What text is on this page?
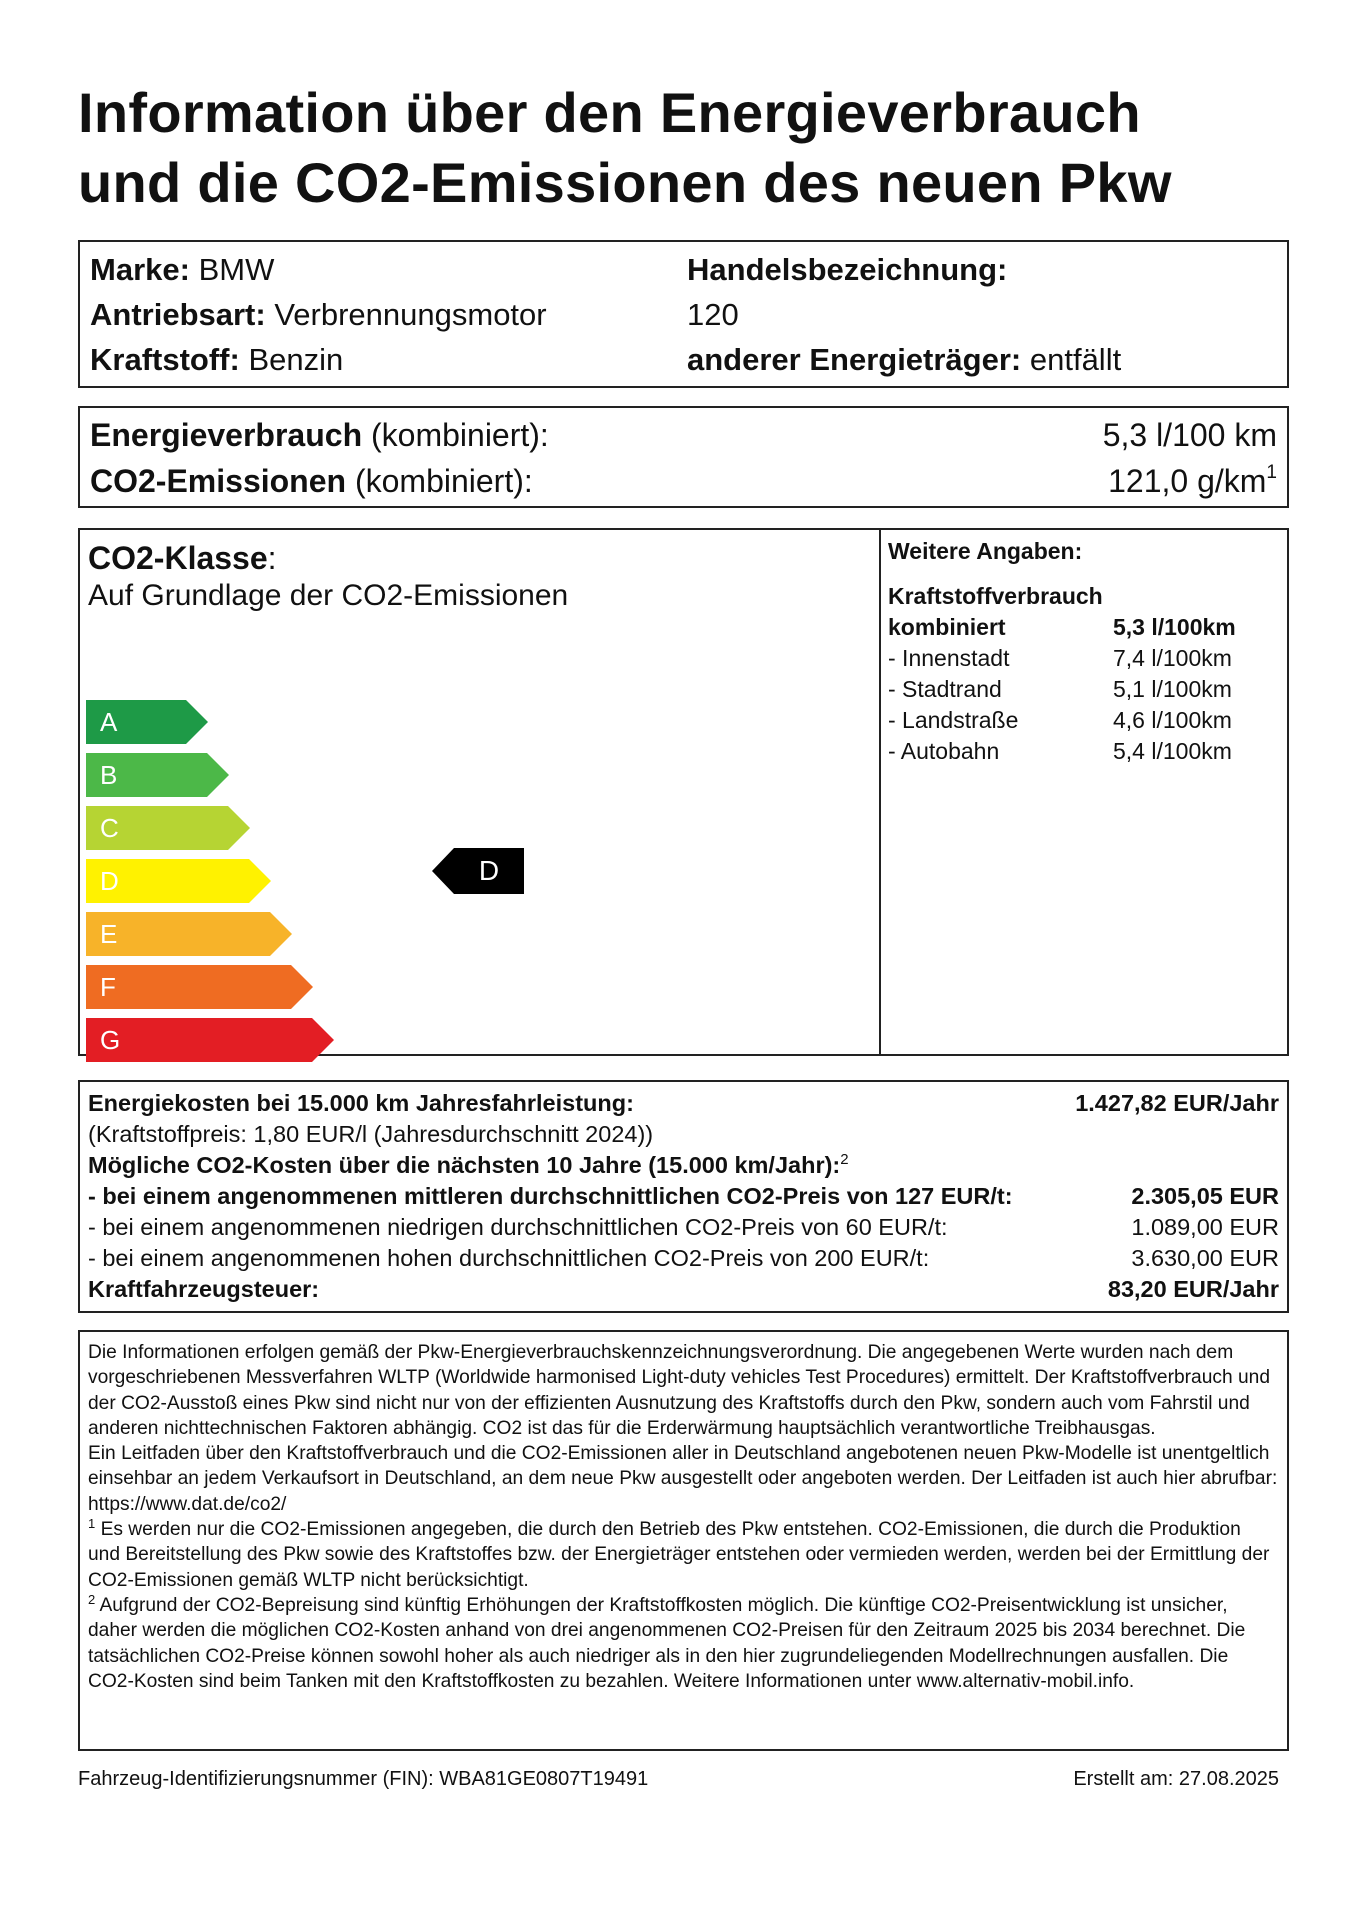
Information über den Energieverbrauch
und die CO2-Emissionen des neuen Pkw
Marke: BMW
Antriebsart: Verbrennungsmotor
Kraftstoff: Benzin
Handelsbezeichnung:
120
anderer Energieträger: entfällt
Energieverbrauch (kombiniert):	5,3 l/100 km
CO2-Emissionen (kombiniert):	121,0 g/km$^1$
CO2-Klasse:
Auf Grundlage der CO2-Emissionen
A
B
C
D
E
F
G
D
Weitere Angaben:
Kraftstoffverbrauch
kombiniert	5,3 l/100km
- Innenstadt	7,4 l/100km
- Stadtrand	5,1 l/100km
- Landstraße	4,6 l/100km
- Autobahn	5,4 l/100km
Energiekosten bei 15.000 km Jahresfahrleistung:	1.427,82 EUR/Jahr
(Kraftstoffpreis: 1,80 EUR/l (Jahresdurchschnitt 2024))
Mögliche CO2-Kosten über die nächsten 10 Jahre (15.000 km/Jahr):$^2$
- bei einem angenommenen mittleren durchschnittlichen CO2-Preis von 127 EUR/t:	2.305,05 EUR
- bei einem angenommenen niedrigen durchschnittlichen CO2-Preis von 60 EUR/t:	1.089,00 EUR
- bei einem angenommenen hohen durchschnittlichen CO2-Preis von 200 EUR/t:	3.630,00 EUR
Kraftfahrzeugsteuer:	83,20 EUR/Jahr

Die Informationen erfolgen gemäß der Pkw-Energieverbrauchskennzeichnungsverordnung. Die angegebenen Werte wurden nach dem vorgeschriebenen Messverfahren WLTP (Worldwide harmonised Light-duty vehicles Test Procedures) ermittelt. Der Kraftstoffverbrauch und der CO2-Ausstoß eines Pkw sind nicht nur von der effizienten Ausnutzung des Kraftstoffs durch den Pkw, sondern auch vom Fahrstil und anderen nichttechnischen Faktoren abhängig. CO2 ist das für die Erderwärmung hauptsächlich verantwortliche Treibhausgas.

Ein Leitfaden über den Kraftstoffverbrauch und die CO2-Emissionen aller in Deutschland angebotenen neuen Pkw-Modelle ist unentgeltlich einsehbar an jedem Verkaufsort in Deutschland, an dem neue Pkw ausgestellt oder angeboten werden. Der Leitfaden ist auch hier abrufbar: https://www.dat.de/co2/

$^1$ Es werden nur die CO2-Emissionen angegeben, die durch den Betrieb des Pkw entstehen. CO2-Emissionen, die durch die Produktion und Bereitstellung des Pkw sowie des Kraftstoffes bzw. der Energieträger entstehen oder vermieden werden, werden bei der Ermittlung der CO2-Emissionen gemäß WLTP nicht berücksichtigt.

$^2$ Aufgrund der CO2-Bepreisung sind künftig Erhöhungen der Kraftstoffkosten möglich. Die künftige CO2-Preisentwicklung ist unsicher, daher werden die möglichen CO2-Kosten anhand von drei angenommenen CO2-Preisen für den Zeitraum 2025 bis 2034 berechnet. Die tatsächlichen CO2-Preise können sowohl hoher als auch niedriger als in den hier zugrundeliegenden Modellrechnungen ausfallen. Die CO2-Kosten sind beim Tanken mit den Kraftstoffkosten zu bezahlen. Weitere Informationen unter www.alternativ-mobil.info.

Fahrzeug-Identifizierungsnummer (FIN): WBA81GE0807T19491	Erstellt am: 27.08.2025
